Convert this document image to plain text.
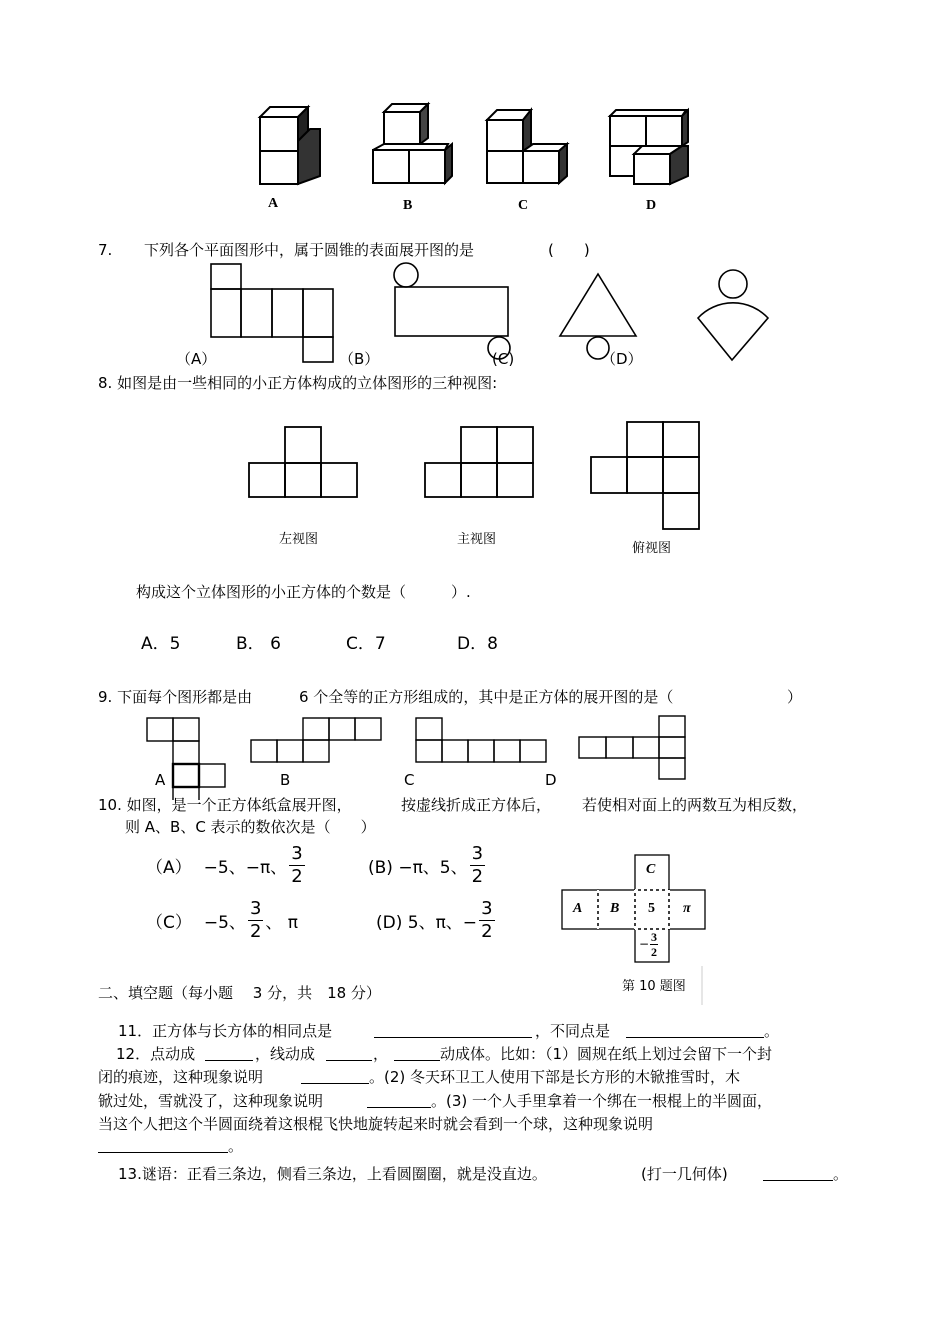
A	B	C	D
7. 下列各个平面图形中，属于圆锥的表面展开图的是	(　　)
（A）	（B）	(C)	（D）
8. 如图是由一些相同的小正方体构成的立体图形的三种视图:
左视图	主视图
俯视图
构成这个立体图形的小正方体的个数是（　　　）.
A．5	B． 6	C．7	D．8
9. 下面每个图形都是由	6 个全等的正方形组成的，其中是正方体的展开图的是（	）
A	B	C	D
10. 如图，是一个正方体纸盒展开图，	按虚线折成正方体后， 若使相对面上的两数互为相反数，
则 A、B、C 表示的数依次是（　　）
（A） −5、−π、 $\frac{3}{2}$	(B) −π、5、 $\frac{3}{2}$
（C） −5、 $\frac{3}{2}$ 、 π	(D) 5、π、− $\frac{3}{2}$
C
A B 5 π
− $\frac{3}{2}$
第 10 题图
二、填空题（每小题　 3 分，共　18 分）
11．正方体与长方体的相同点是	，不同点是	。
12．点动成	，线动成	，	动成体。比如：（1）圆规在纸上划过会留下一个封
闭的痕迹，这种现象说明	。(2) 冬天环卫工人使用下部是长方形的木锨推雪时，木
锨过处，雪就没了，这种现象说明	。(3) 一个人手里拿着一个绑在一根棍上的半圆面，
当这个人把这个半圆面绕着这根棍飞快地旋转起来时就会看到一个球，这种现象说明
。
13.谜语：正看三条边，侧看三条边，上看圆圈圈，就是没直边。	(打一几何体)	。
